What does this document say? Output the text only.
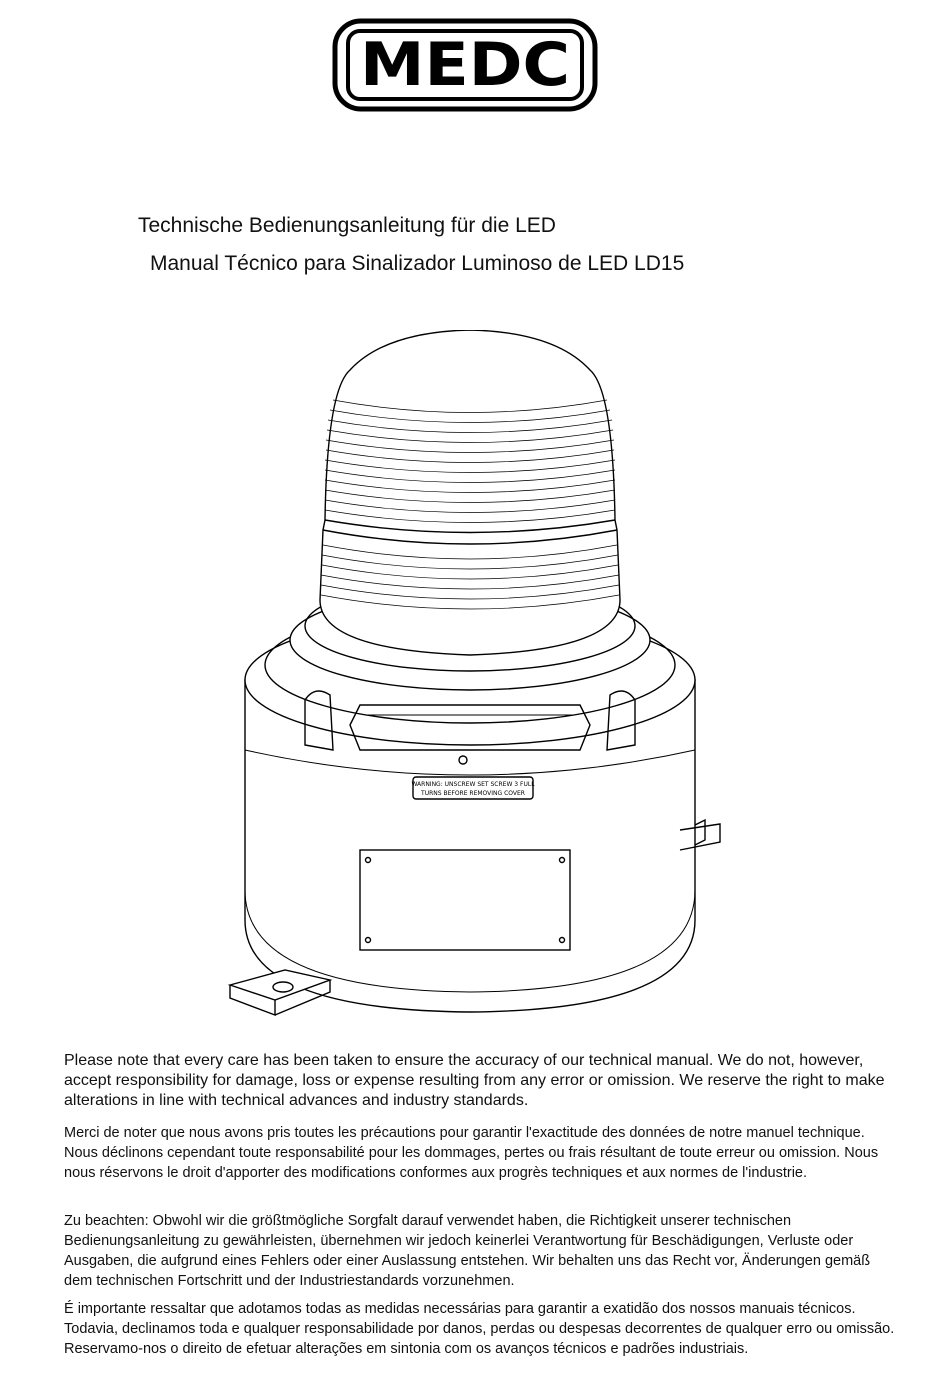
MEDC
Technische Bedienungsanleitung für die LED
Manual Técnico para Sinalizador Luminoso de LED LD15
WARNING: UNSCREW SET SCREW 3 FULL
TURNS BEFORE REMOVING COVER

Please note that every care has been taken to ensure the accuracy of our technical manual. We do not, however, accept responsibility for damage, loss or expense resulting from any error or omission. We reserve the right to make alterations in line with technical advances and industry standards.

Merci de noter que nous avons pris toutes les précautions pour garantir l'exactitude des données de notre manuel technique. Nous déclinons cependant toute responsabilité pour les dommages, pertes ou frais résultant de toute erreur ou omission. Nous nous réservons le droit d'apporter des modifications conformes aux progrès techniques et aux normes de l'industrie.

Zu beachten: Obwohl wir die größtmögliche Sorgfalt darauf verwendet haben, die Richtigkeit unserer technischen Bedienungsanleitung zu gewährleisten, übernehmen wir jedoch keinerlei Verantwortung für Beschädigungen, Verluste oder Ausgaben, die aufgrund eines Fehlers oder einer Auslassung entstehen. Wir behalten uns das Recht vor, Änderungen gemäß dem technischen Fortschritt und der Industriestandards vorzunehmen.

É importante ressaltar que adotamos todas as medidas necessárias para garantir a exatidão dos nossos manuais técnicos. Todavia, declinamos toda e qualquer responsabilidade por danos, perdas ou despesas decorrentes de qualquer erro ou omissão. Reservamo-nos o direito de efetuar alterações em sintonia com os avanços técnicos e padrões industriais.
